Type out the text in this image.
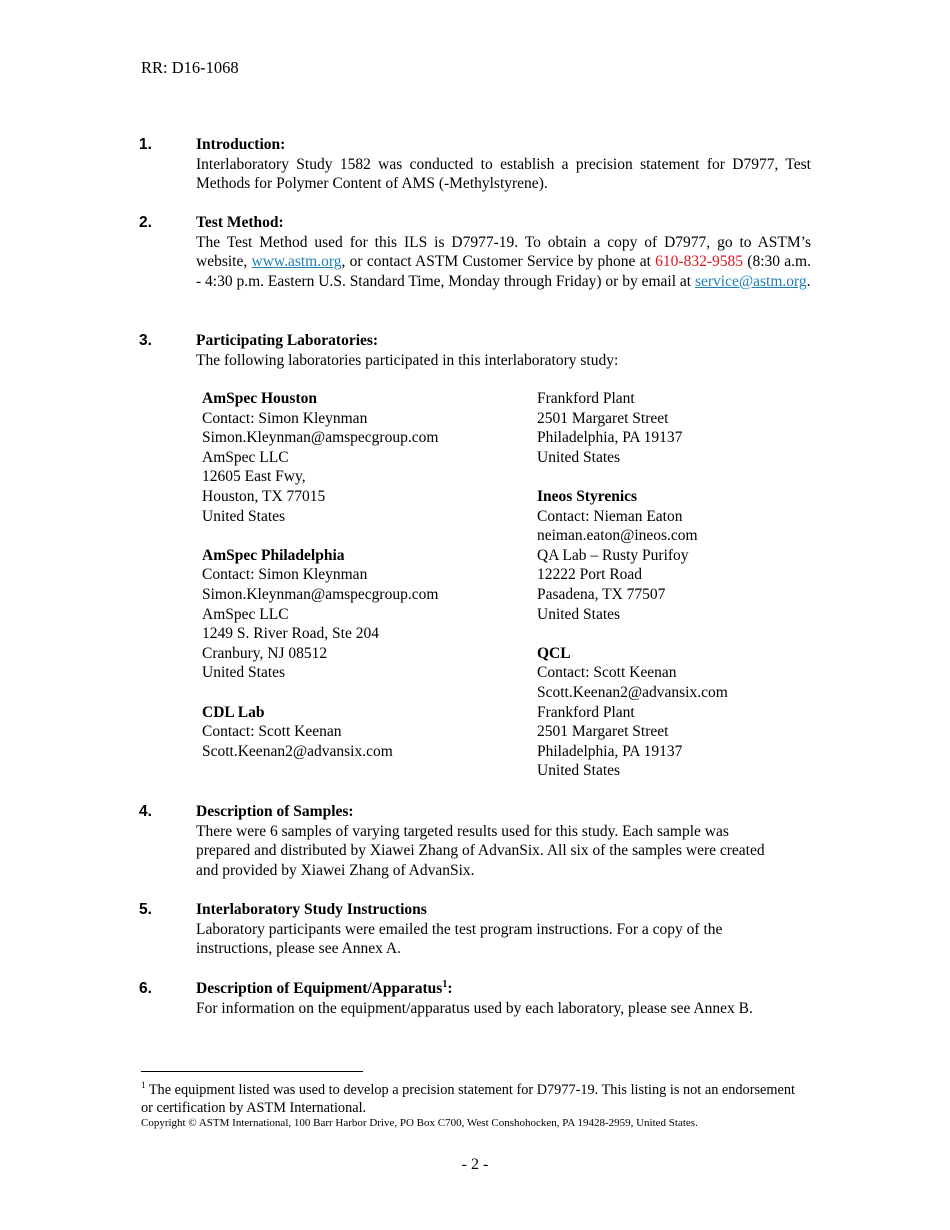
RR: D16-1068
1.	Introduction:
Interlaboratory Study 1582 was conducted to establish a precision statement for D7977, Test Methods for Polymer Content of AMS (-Methylstyrene).
2.	Test Method:
The Test Method used for this ILS is D7977-19. To obtain a copy of D7977, go to ASTM’s website, www.astm.org, or contact ASTM Customer Service by phone at 610-832-9585 (8:30 a.m. - 4:30 p.m. Eastern U.S. Standard Time, Monday through Friday) or by email at service@astm.org.
3.	Participating Laboratories:
The following laboratories participated in this interlaboratory study:
AmSpec Houston
Contact: Simon Kleynman
Simon.Kleynman@amspecgroup.com
AmSpec LLC
12605 East Fwy,
Houston, TX 77015
United States
AmSpec Philadelphia
Contact: Simon Kleynman
Simon.Kleynman@amspecgroup.com
AmSpec LLC
1249 S. River Road, Ste 204
Cranbury, NJ 08512
United States
CDL Lab
Contact: Scott Keenan
Scott.Keenan2@advansix.com
Frankford Plant
2501 Margaret Street
Philadelphia, PA 19137
United States
Ineos Styrenics
Contact: Nieman Eaton
neiman.eaton@ineos.com
QA Lab – Rusty Purifoy
12222 Port Road
Pasadena, TX 77507
United States
QCL
Contact: Scott Keenan
Scott.Keenan2@advansix.com
Frankford Plant
2501 Margaret Street
Philadelphia, PA 19137
United States
4.	Description of Samples:
There were 6 samples of varying targeted results used for this study. Each sample was prepared and distributed by Xiawei Zhang of AdvanSix. All six of the samples were created and provided by Xiawei Zhang of AdvanSix.
5.	Interlaboratory Study Instructions
Laboratory participants were emailed the test program instructions. For a copy of the instructions, please see Annex A.
6.	Description of Equipment/Apparatus$^1$:
For information on the equipment/apparatus used by each laboratory, please see Annex B.
$^1$ The equipment listed was used to develop a precision statement for D7977-19. This listing is not an endorsement or certification by ASTM International.
Copyright © ASTM International, 100 Barr Harbor Drive, PO Box C700, West Conshohocken, PA 19428-2959, United States.
- 2 -
